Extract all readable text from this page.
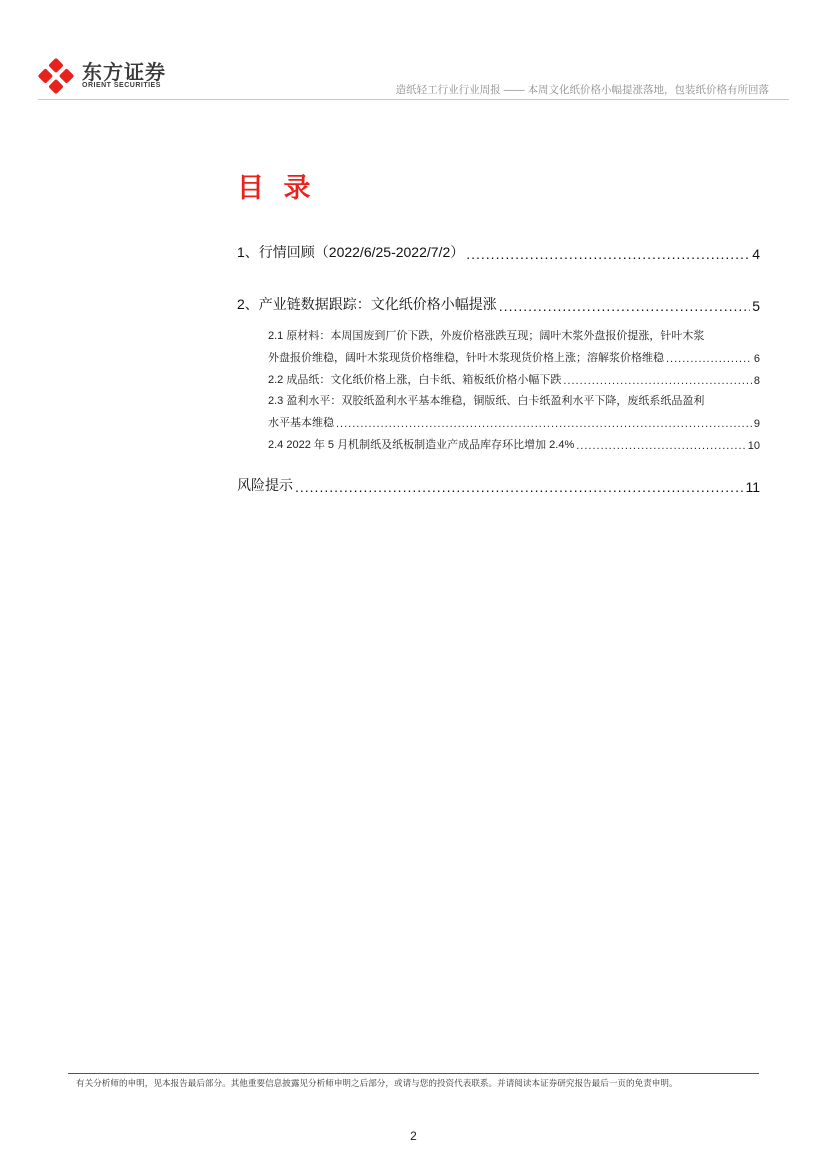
东方证券
ORIENT SECURITIES	造纸轻工行业行业周报 —— 本周文化纸价格小幅提涨落地，包装纸价格有所回落
目 录
1、行情回顾（2022/6/25-2022/7/2） .....	4
2、产业链数据跟踪：文化纸价格小幅提涨 .....	5
2.1 原材料：本周国废到厂价下跌，外废价格涨跌互现；阔叶木浆外盘报价提涨，针叶木浆
外盘报价维稳，阔叶木浆现货价格维稳，针叶木浆现货价格上涨；溶解浆价格维稳 .....	6
2.2 成品纸：文化纸价格上涨，白卡纸、箱板纸价格小幅下跌 .....	8
2.3 盈利水平：双胶纸盈利水平基本维稳，铜版纸、白卡纸盈利水平下降，废纸系纸品盈利
水平基本维稳 .....	9
2.4 2022 年 5 月机制纸及纸板制造业产成品库存环比增加 2.4% .....	10
风险提示 .....	11
有关分析师的申明，见本报告最后部分。其他重要信息披露见分析师申明之后部分，或请与您的投资代表联系。并请阅读本证券研究报告最后一页的免责申明。
2
